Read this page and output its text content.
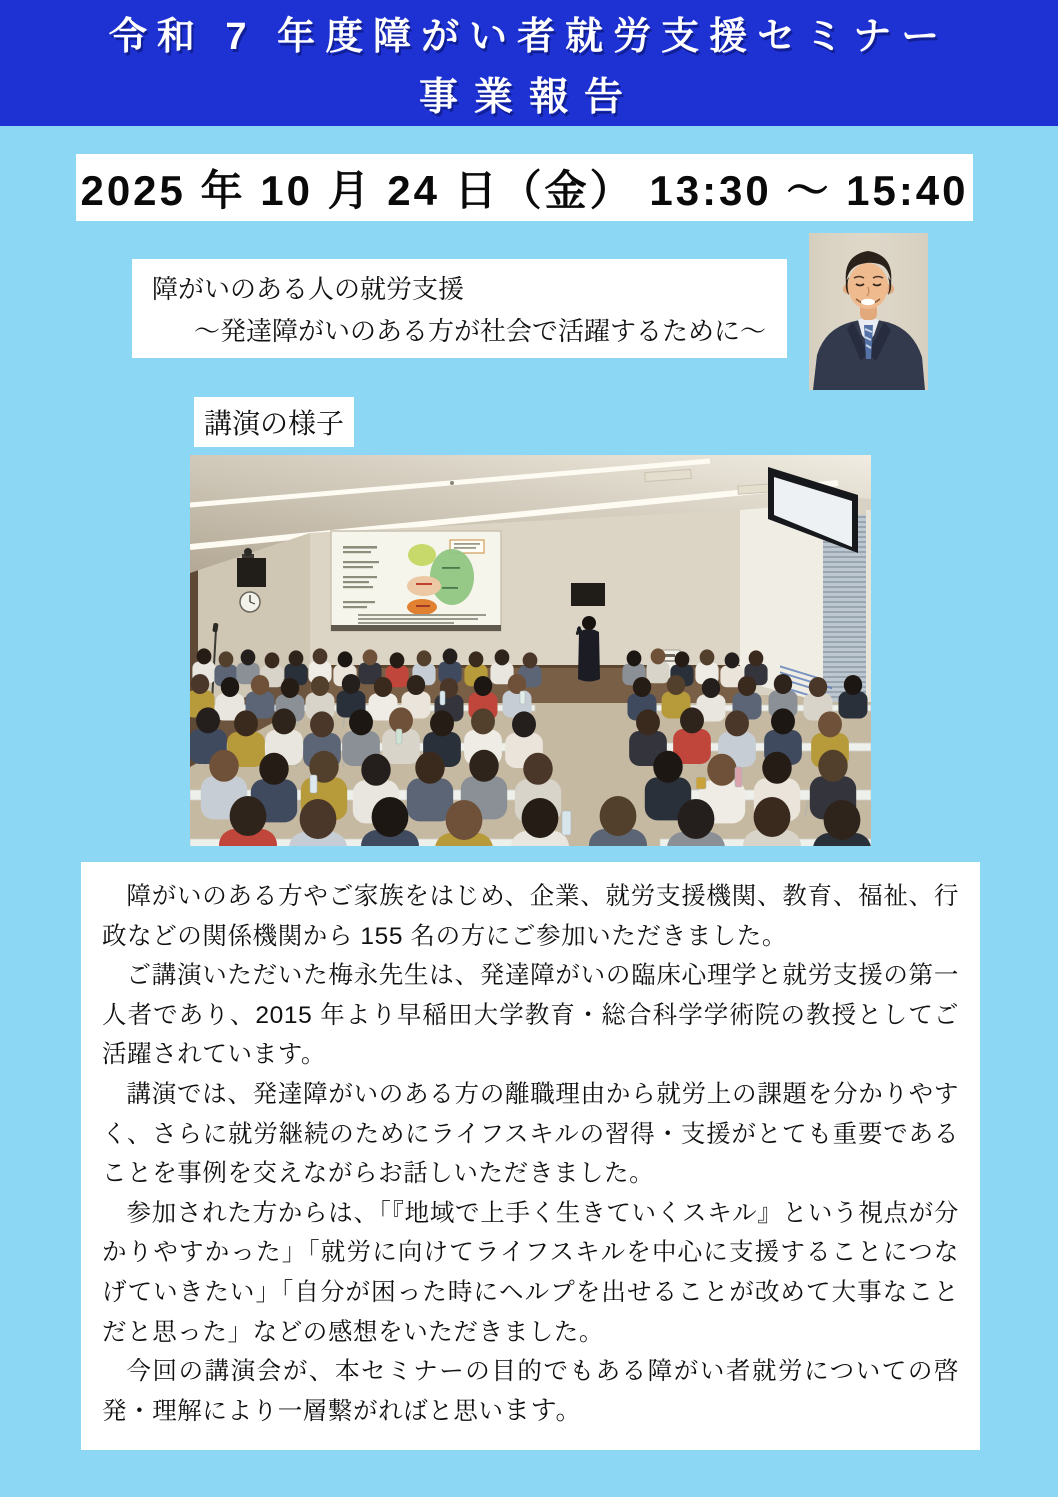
令和 7 年度障がい者就労支援セミナー
事業報告
2025 年 10 月 24 日（金） 13:30 ～ 15:40
障がいのある人の就労支援
～発達障がいのある方が社会で活躍するために～
講演の様子

障がいのある方やご家族をはじめ、企業、就労支援機関、教育、福祉、行政などの関係機関から 155 名の方にご参加いただきました。

ご講演いただいた梅永先生は、発達障がいの臨床心理学と就労支援の第一人者であり、2015 年より早稲田大学教育・総合科学学術院の教授としてご活躍されています。

講演では、発達障がいのある方の離職理由から就労上の課題を分かりやすく、さらに就労継続のためにライフスキルの習得・支援がとても重要であることを事例を交えながらお話しいただきました。

参加された方からは、「『地域で上手く生きていくスキル』という視点が分かりやすかった」「就労に向けてライフスキルを中心に支援することにつなげていきたい」「自分が困った時にヘルプを出せることが改めて大事なことだと思った」などの感想をいただきました。

今回の講演会が、本セミナーの目的でもある障がい者就労についての啓発・理解により一層繋がればと思います。
